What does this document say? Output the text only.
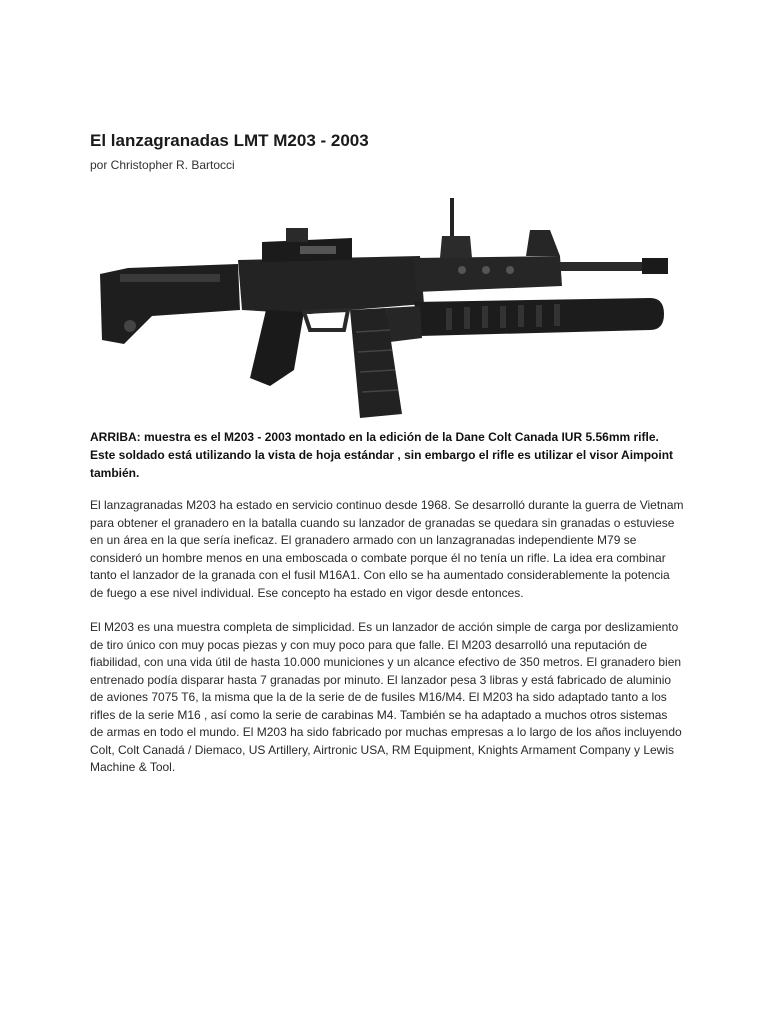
El lanzagranadas LMT M203 - 2003

por Christopher R. Bartocci

ARRIBA: muestra es el M203 - 2003 montado en la edición de la Dane Colt Canada IUR 5.56mm rifle. Este soldado está utilizando la vista de hoja estándar , sin embargo el rifle es utilizar el visor Aimpoint también.

El lanzagranadas M203 ha estado en servicio continuo desde 1968. Se desarrolló durante la guerra de Vietnam para obtener el granadero en la batalla cuando su lanzador de granadas se quedara sin granadas o estuviese en un área en la que sería ineficaz. El granadero armado con un lanzagranadas independiente M79 se consideró un hombre menos en una emboscada o combate porque él no tenía un rifle. La idea era combinar tanto el lanzador de la granada con el fusil M16A1. Con ello se ha aumentado considerablemente la potencia de fuego a ese nivel individual. Ese concepto ha estado en vigor desde entonces.

El M203 es una muestra completa de simplicidad. Es un lanzador de acción simple de carga por deslizamiento de tiro único con muy pocas piezas y con muy poco para que falle. El M203 desarrolló una reputación de fiabilidad, con una vida útil de hasta 10.000 municiones y un alcance efectivo de 350 metros. El granadero bien entrenado podía disparar hasta 7 granadas por minuto. El lanzador pesa 3 libras y está fabricado de aluminio de aviones 7075 T6, la misma que la de la serie de de fusiles M16/M4. El M203 ha sido adaptado tanto a los rifles de la serie M16 , así como la serie de carabinas M4. También se ha adaptado a muchos otros sistemas de armas en todo el mundo. El M203 ha sido fabricado por muchas empresas a lo largo de los años incluyendo Colt, Colt Canadá / Diemaco, US Artillery, Airtronic USA, RM Equipment, Knights Armament Company y Lewis Machine & Tool.
